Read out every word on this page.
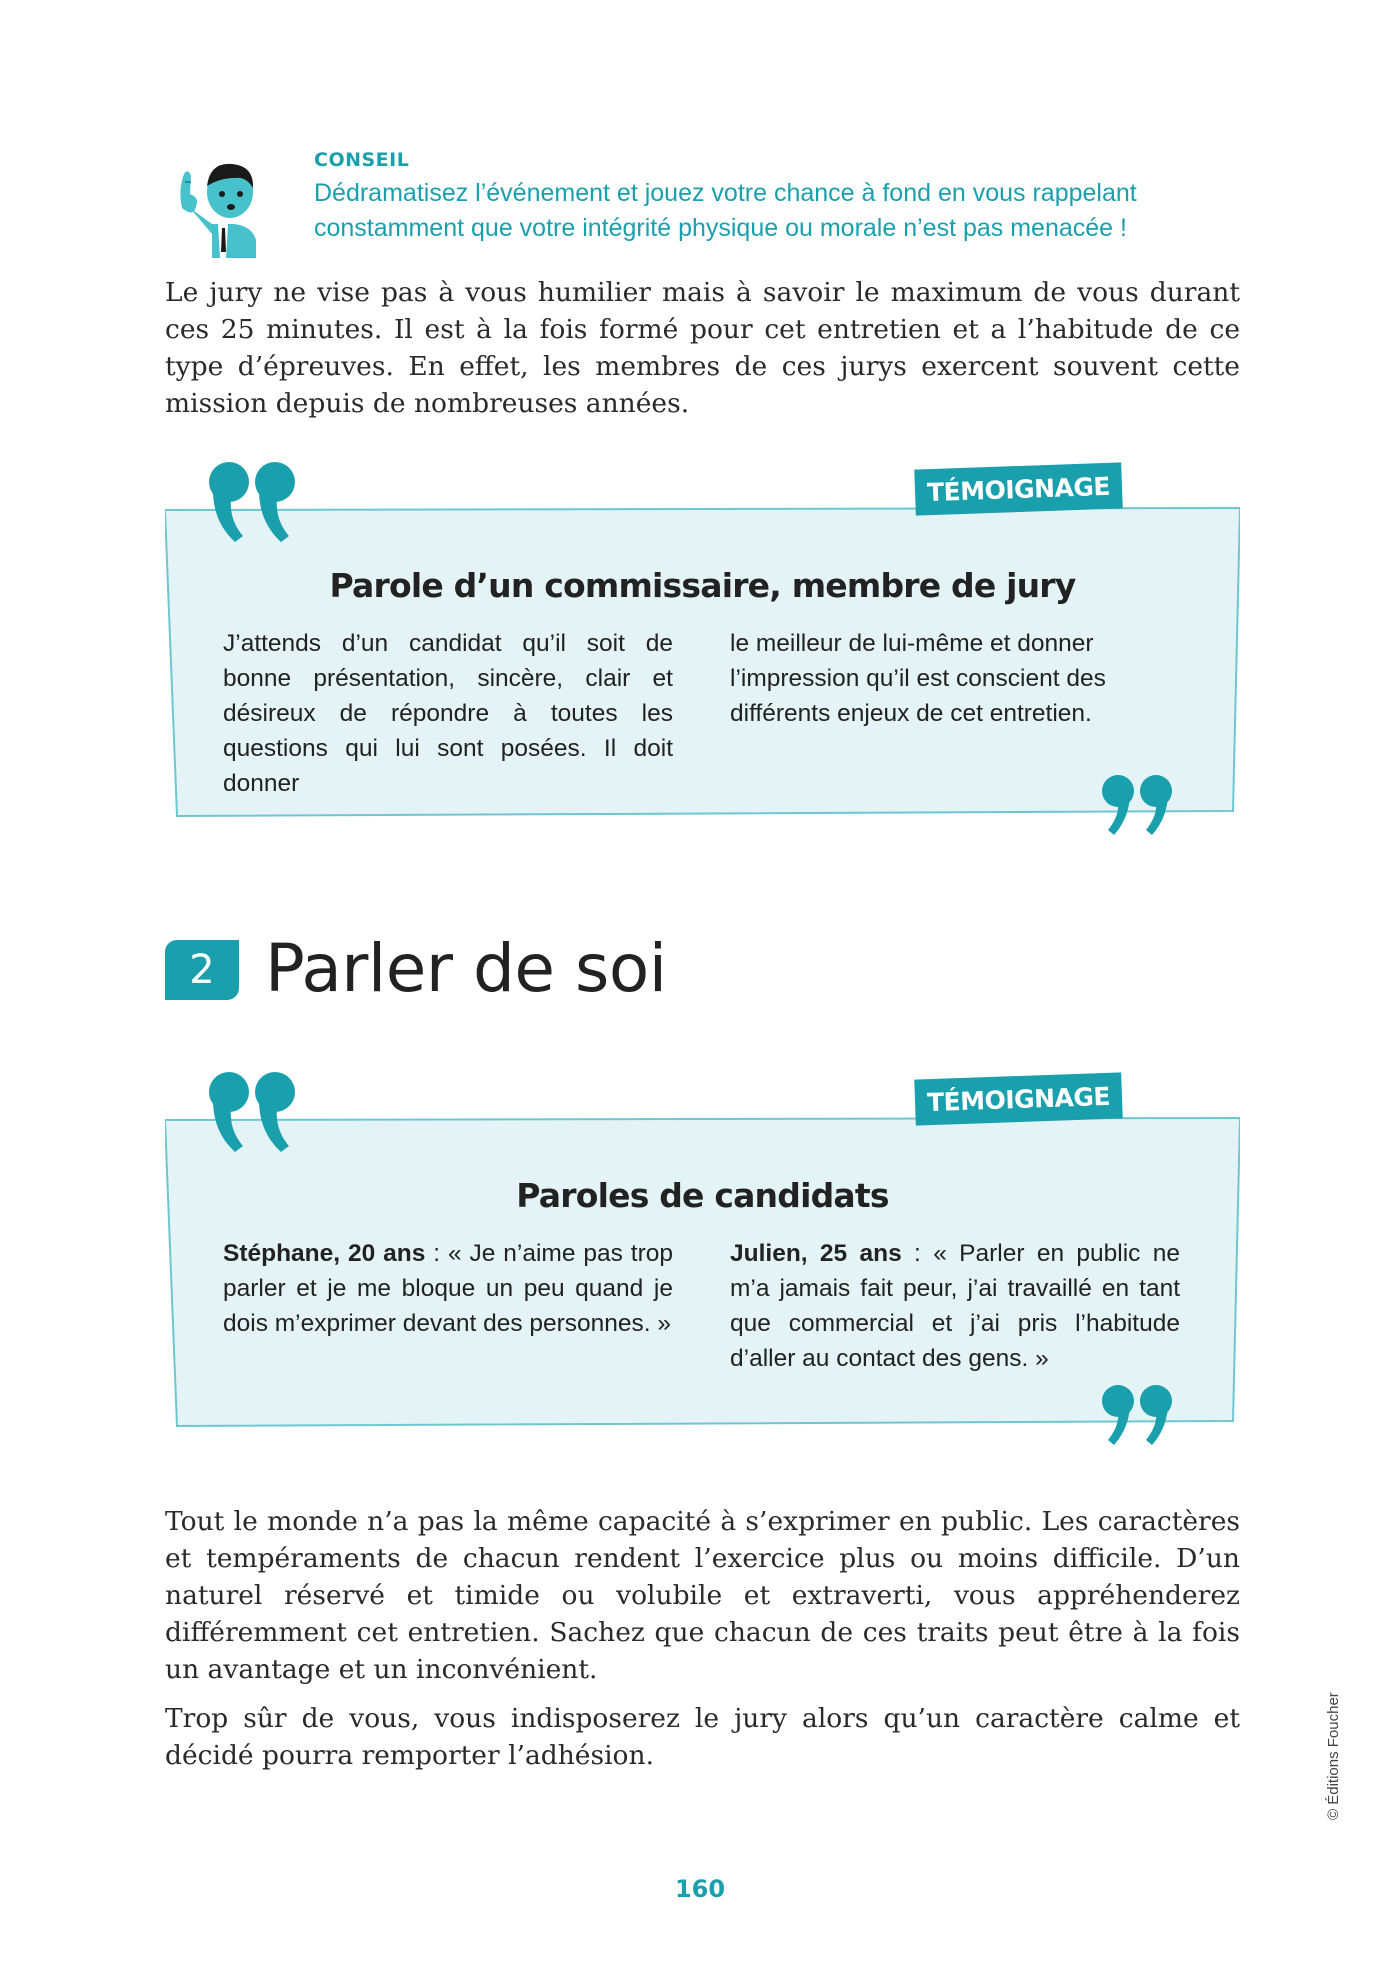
CONSEIL
Dédramatisez l’événement et jouez votre chance à fond en vous rappelant constamment que votre intégrité physique ou morale n’est pas menacée !
Le jury ne vise pas à vous humilier mais à savoir le maximum de vous durant ces 25 minutes. Il est à la fois formé pour cet entretien et a l’habitude de ce type d’épreuves. En effet, les membres de ces jurys exercent souvent cette mission depuis de nombreuses années.
TÉMOIGNAGE
Parole d’un commissaire, membre de jury
J’attends d’un candidat qu’il soit de bonne présentation, sincère, clair et désireux de répondre à toutes les questions qui lui sont posées. Il doit donner
le meilleur de lui-même et donner l’impression qu’il est conscient des différents enjeux de cet entretien.
2 Parler de soi
TÉMOIGNAGE
Paroles de candidats
Stéphane, 20 ans : « Je n’aime pas trop parler et je me bloque un peu quand je dois m’exprimer devant des personnes. »
Julien, 25 ans : « Parler en public ne m’a jamais fait peur, j’ai travaillé en tant que commercial et j’ai pris l’habitude d’aller au contact des gens. »
Tout le monde n’a pas la même capacité à s’exprimer en public. Les caractères et tempéraments de chacun rendent l’exercice plus ou moins difficile. D’un naturel réservé et timide ou volubile et extraverti, vous appréhenderez différemment cet entretien. Sachez que chacun de ces traits peut être à la fois un avantage et un inconvénient.
Trop sûr de vous, vous indisposerez le jury alors qu’un caractère calme et décidé pourra remporter l’adhésion.
160
© Éditions Foucher
